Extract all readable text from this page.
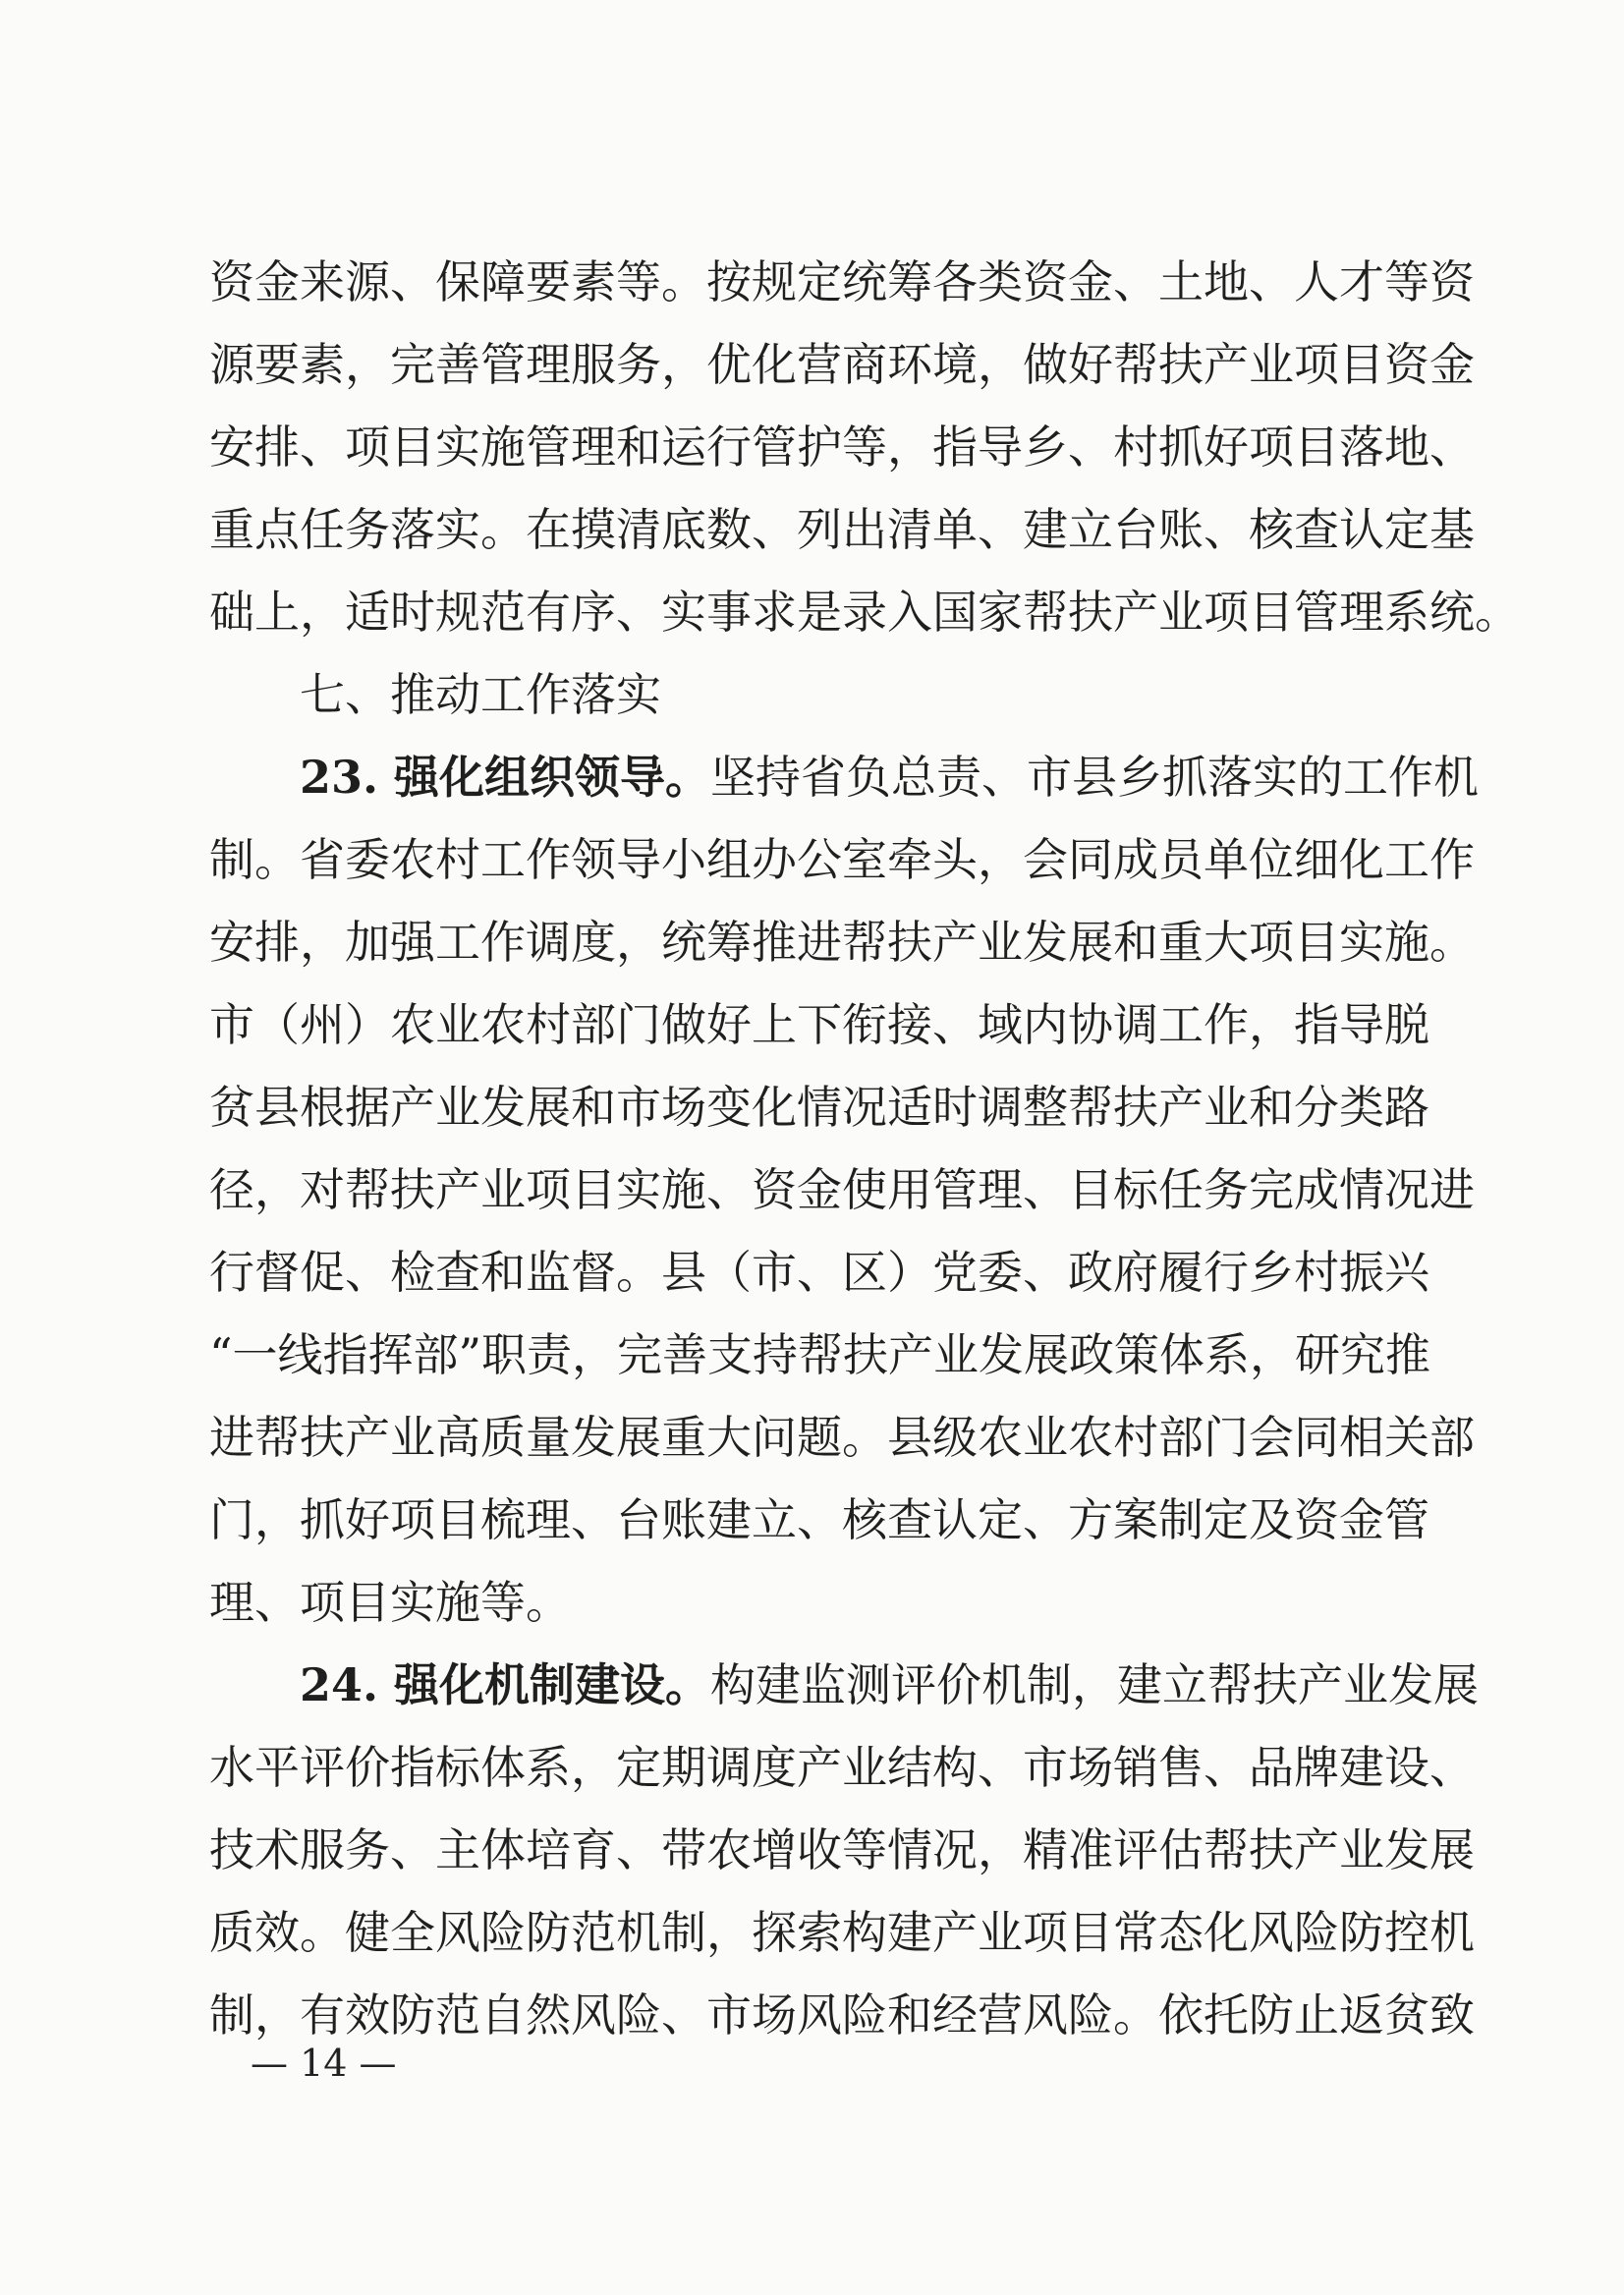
资金来源、保障要素等。按规定统筹各类资金、土地、人才等资
源要素，完善管理服务，优化营商环境，做好帮扶产业项目资金
安排、项目实施管理和运行管护等，指导乡、村抓好项目落地、
重点任务落实。在摸清底数、列出清单、建立台账、核查认定基
础上，适时规范有序、实事求是录入国家帮扶产业项目管理系统。
七、推动工作落实
23. 强化组织领导。坚持省负总责、市县乡抓落实的工作机
制。省委农村工作领导小组办公室牵头，会同成员单位细化工作
安排，加强工作调度，统筹推进帮扶产业发展和重大项目实施。
市（州）农业农村部门做好上下衔接、域内协调工作，指导脱
贫县根据产业发展和市场变化情况适时调整帮扶产业和分类路
径，对帮扶产业项目实施、资金使用管理、目标任务完成情况进
行督促、检查和监督。县（市、区）党委、政府履行乡村振兴
“一线指挥部”职责，完善支持帮扶产业发展政策体系，研究推
进帮扶产业高质量发展重大问题。县级农业农村部门会同相关部
门，抓好项目梳理、台账建立、核查认定、方案制定及资金管
理、项目实施等。
24. 强化机制建设。构建监测评价机制，建立帮扶产业发展
水平评价指标体系，定期调度产业结构、市场销售、品牌建设、
技术服务、主体培育、带农增收等情况，精准评估帮扶产业发展
质效。健全风险防范机制，探索构建产业项目常态化风险防控机
制，有效防范自然风险、市场风险和经营风险。依托防止返贫致
— 14 —
